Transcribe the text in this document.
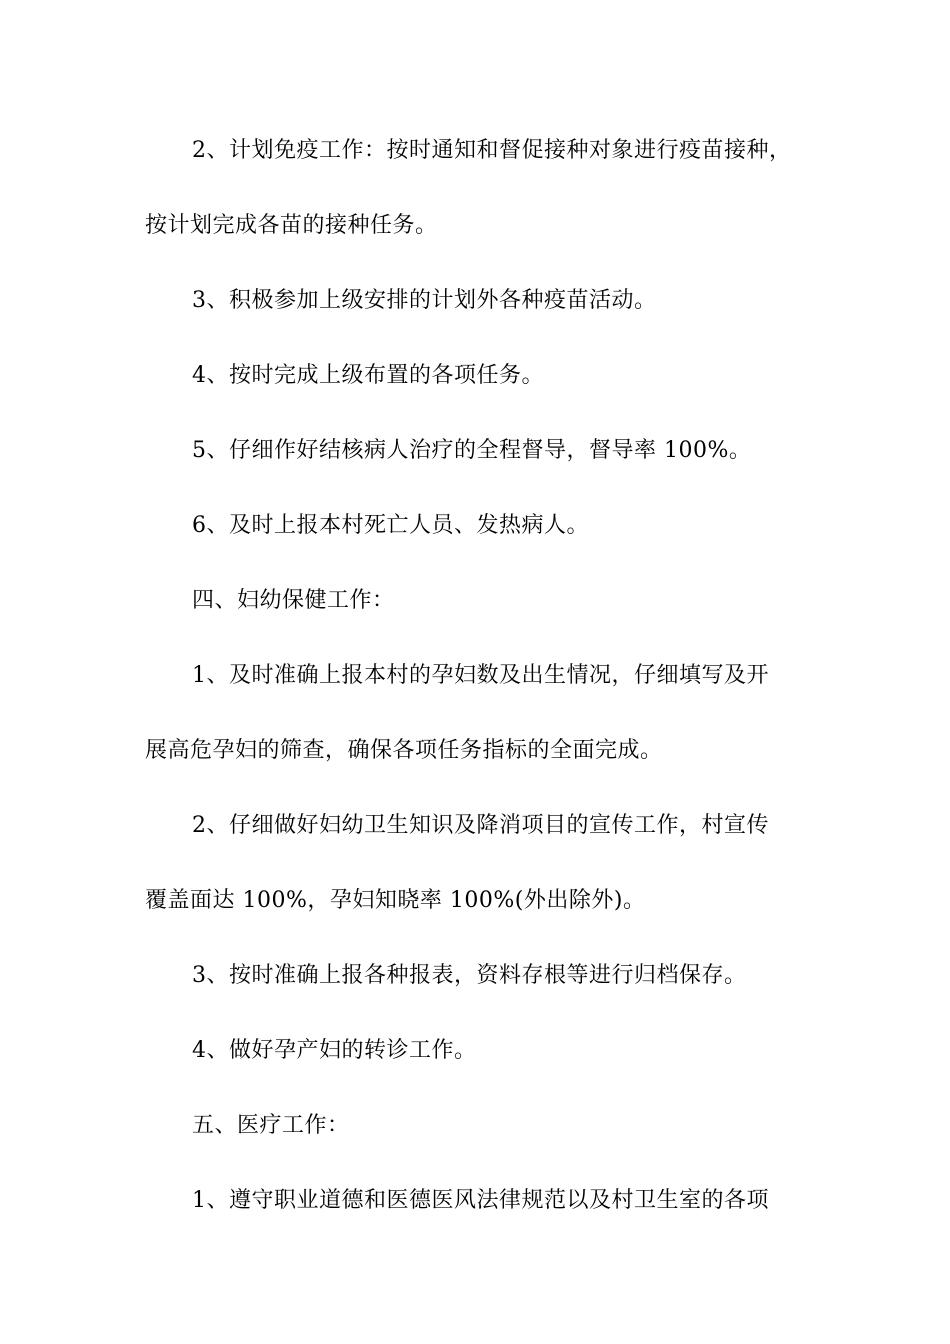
2、计划免疫工作：按时通知和督促接种对象进行疫苗接种，
按计划完成各苗的接种任务。
3、积极参加上级安排的计划外各种疫苗活动。
4、按时完成上级布置的各项任务。
5、仔细作好结核病人治疗的全程督导，督导率 100%。
6、及时上报本村死亡人员、发热病人。
四、妇幼保健工作：
1、及时准确上报本村的孕妇数及出生情况，仔细填写及开
展高危孕妇的筛查，确保各项任务指标的全面完成。
2、仔细做好妇幼卫生知识及降消项目的宣传工作，村宣传
覆盖面达 100%，孕妇知晓率 100%(外出除外)。
3、按时准确上报各种报表，资料存根等进行归档保存。
4、做好孕产妇的转诊工作。
五、医疗工作：
1、遵守职业道德和医德医风法律规范以及村卫生室的各项
